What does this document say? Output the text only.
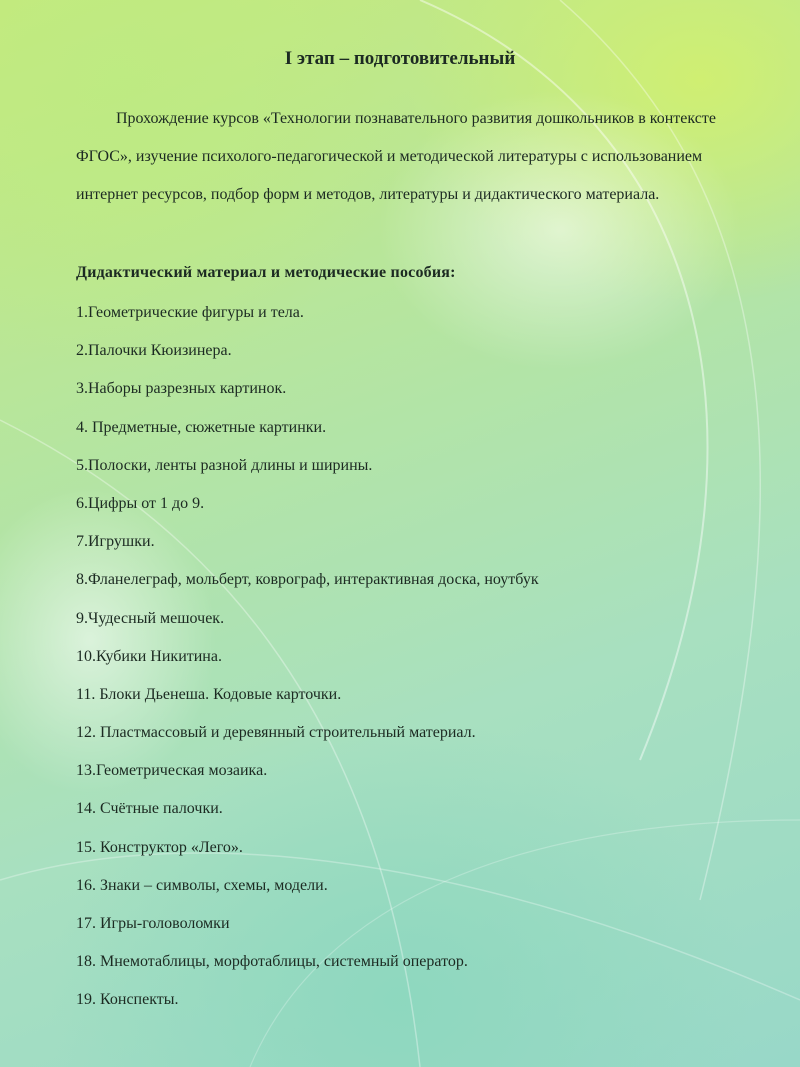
I этап – подготовительный

Прохождение курсов «Технологии познавательного развития дошкольников в контексте ФГОС», изучение психолого-педагогической и методической литературы с использованием интернет ресурсов, подбор форм и методов, литературы и дидактического материала.

Дидактический материал и методические пособия:
1.Геометрические фигуры и тела.
2.Палочки Кюизинера.
3.Наборы разрезных картинок.
4. Предметные, сюжетные картинки.
5.Полоски, ленты разной длины и ширины.
6.Цифры от 1 до 9.
7.Игрушки.
8.Фланелеграф, мольберт, коврограф, интерактивная доска, ноутбук
9.Чудесный мешочек.
10.Кубики Никитина.
11. Блоки Дьенеша. Кодовые карточки.
12. Пластмассовый и деревянный строительный материал.
13.Геометрическая мозаика.
14. Счётные палочки.
15. Конструктор «Лего».
16. Знаки – символы, схемы, модели.
17. Игры-головоломки
18. Мнемотаблицы, морфотаблицы, системный оператор.
19. Конспекты.
